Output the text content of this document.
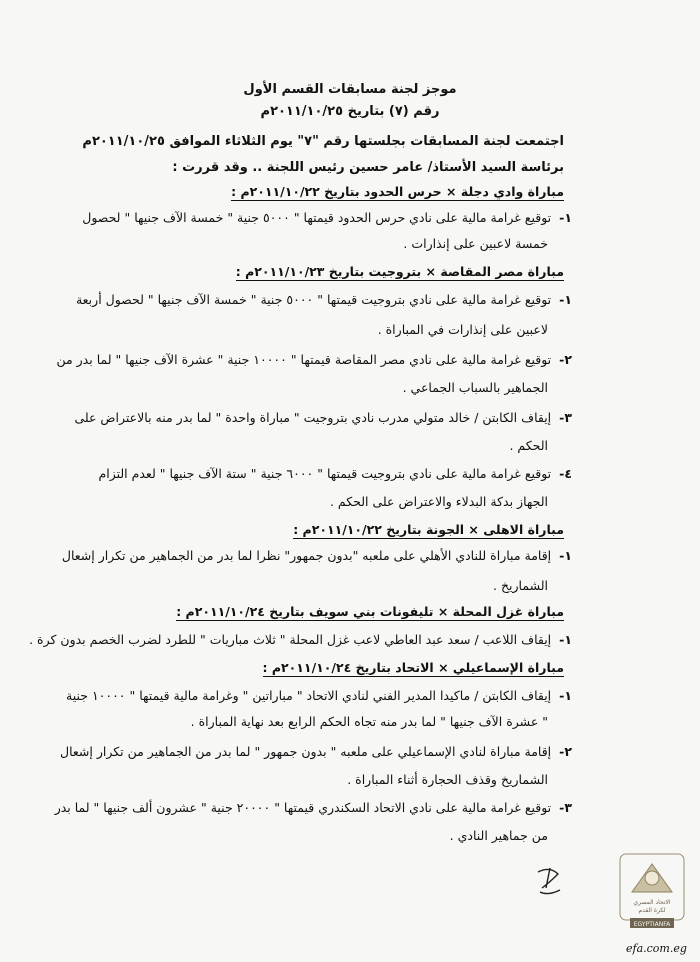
موجز لجنة مسابقات القسم الأول
رقم (٧) بتاريخ ٢٠١١/١٠/٢٥م
اجتمعت لجنة المسابقات بجلستها رقم "٧" يوم الثلاثاء الموافق ٢٠١١/١٠/٢٥م
برئاسة السيد الأستاذ/ عامر حسين رئيس اللجنة .. وقد قررت :
مباراة وادي دجلة × حرس الحدود بتاريخ ٢٠١١/١٠/٢٢م :
١-توقيع غرامة مالية على نادي حرس الحدود قيمتها " ٥٠٠٠ جنية " خمسة الآف جنيها " لحصول
خمسة لاعبين على إنذارات .
مباراة مصر المقاصة × بتروجيت بتاريخ ٢٠١١/١٠/٢٣م :
١-توقيع غرامة مالية على نادي بتروجيت قيمتها " ٥٠٠٠ جنية " خمسة الآف جنيها " لحصول أربعة
لاعبين على إنذارات في المباراة .
٢-توقيع غرامة مالية على نادي مصر المقاصة قيمتها " ١٠٠٠٠ جنية " عشرة الآف جنيها " لما بدر من
الجماهير بالسباب الجماعي .
٣-إيقاف الكابتن / خالد متولي مدرب نادي بتروجيت " مباراة واحدة " لما بدر منه بالاعتراض على
الحكم .
٤-توقيع غرامة مالية على نادي بتروجيت قيمتها " ٦٠٠٠ جنية " ستة الآف جنيها " لعدم التزام
الجهاز بدكة البدلاء والاعتراض على الحكم .
مباراة الاهلى × الجونة بتاريخ ٢٠١١/١٠/٢٢م :
١-إقامة مباراة للنادي الأهلي على ملعبه "بدون جمهور" نظرا لما بدر من الجماهير من تكرار إشعال
الشماريخ .
مباراة غزل المحلة × تليفونات بني سويف بتاريخ ٢٠١١/١٠/٢٤م :
١-إيقاف اللاعب / سعد عبد العاطي لاعب غزل المحلة " ثلاث مباريات " للطرد لضرب الخصم بدون كرة .
مباراة الإسماعيلي × الاتحاد بتاريخ ٢٠١١/١٠/٢٤م :
١-إيقاف الكابتن / ماكيدا المدير الفني لنادي الاتحاد " مباراتين " وغرامة مالية قيمتها " ١٠٠٠٠ جنية
" عشرة الآف جنيها " لما بدر منه تجاه الحكم الرابع بعد نهاية المباراة .
٢-إقامة مباراة لنادي الإسماعيلي على ملعبه " بدون جمهور " لما بدر من الجماهير من تكرار إشعال
الشماريخ وقذف الحجارة أثناء المباراة .
٣-توقيع غرامة مالية على نادي الاتحاد السكندري قيمتها " ٢٠٠٠٠ جنية " عشرون ألف جنيها " لما بدر
من جماهير النادي .
الاتحاد المصري
لكرة القدم
EGYPTIANFA
efa.com.eg
